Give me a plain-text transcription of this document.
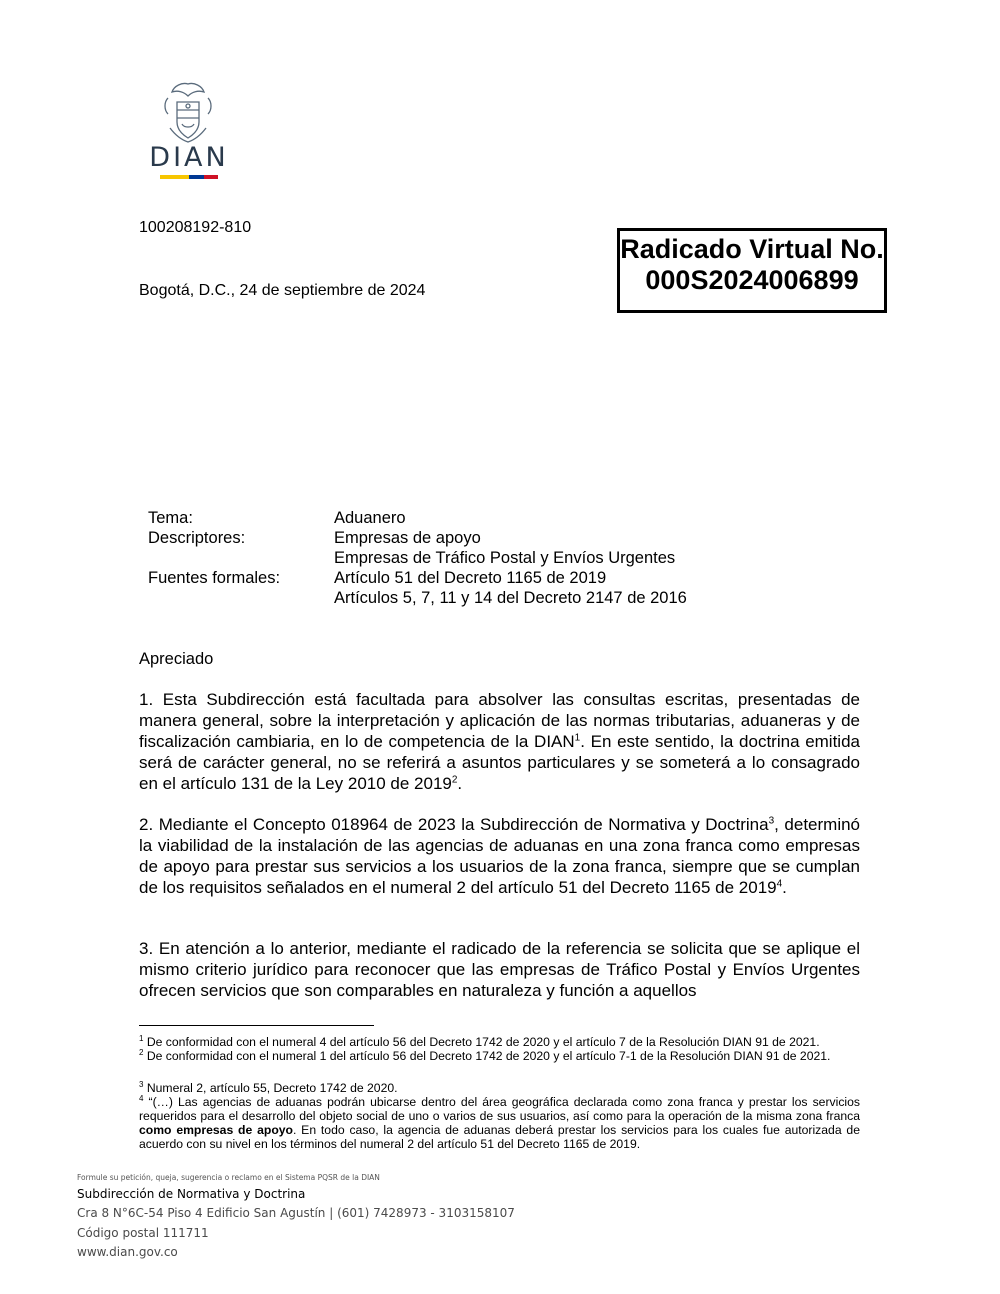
DIAN
100208192-810
Bogotá, D.C., 24 de septiembre de 2024
Radicado Virtual No.
000S2024006899
Tema:	Aduanero
Descriptores:	Empresas de apoyo
Empresas de Tráfico Postal y Envíos Urgentes
Fuentes formales:	Artículo 51 del Decreto 1165 de 2019
Artículos 5, 7, 11 y 14 del Decreto 2147 de 2016
Apreciado

1. Esta Subdirección está facultada para absolver las consultas escritas, presentadas de manera general, sobre la interpretación y aplicación de las normas tributarias, aduaneras y de fiscalización cambiaria, en lo de competencia de la DIAN$^1$. En este sentido, la doctrina emitida será de carácter general, no se referirá a asuntos particulares y se someterá a lo consagrado en el artículo 131 de la Ley 2010 de 2019$^2$.

2. Mediante el Concepto 018964 de 2023 la Subdirección de Normativa y Doctrina$^3$, determinó la viabilidad de la instalación de las agencias de aduanas en una zona franca como empresas de apoyo para prestar sus servicios a los usuarios de la zona franca, siempre que se cumplan de los requisitos señalados en el numeral 2 del artículo 51 del Decreto 1165 de 2019$^4$.

3. En atención a lo anterior, mediante el radicado de la referencia se solicita que se aplique el mismo criterio jurídico para reconocer que las empresas de Tráfico Postal y Envíos Urgentes ofrecen servicios que son comparables en naturaleza y función a aquellos

$^1$ De conformidad con el numeral 4 del artículo 56 del Decreto 1742 de 2020 y el artículo 7 de la Resolución DIAN 91 de 2021.

$^2$ De conformidad con el numeral 1 del artículo 56 del Decreto 1742 de 2020 y el artículo 7-1 de la Resolución DIAN 91 de 2021.

$^3$ Numeral 2, artículo 55, Decreto 1742 de 2020.

$^4$ “(…) Las agencias de aduanas podrán ubicarse dentro del área geográfica declarada como zona franca y prestar los servicios requeridos para el desarrollo del objeto social de uno o varios de sus usuarios, así como para la operación de la misma zona franca como empresas de apoyo. En todo caso, la agencia de aduanas deberá prestar los servicios para los cuales fue autorizada de acuerdo con su nivel en los términos del numeral 2 del artículo 51 del Decreto 1165 de 2019.

Formule su petición, queja, sugerencia o reclamo en el Sistema PQSR de la DIAN
Subdirección de Normativa y Doctrina
Cra 8 N°6C-54 Piso 4 Edificio San Agustín | (601) 7428973 - 3103158107
Código postal 111711
www.dian.gov.co
